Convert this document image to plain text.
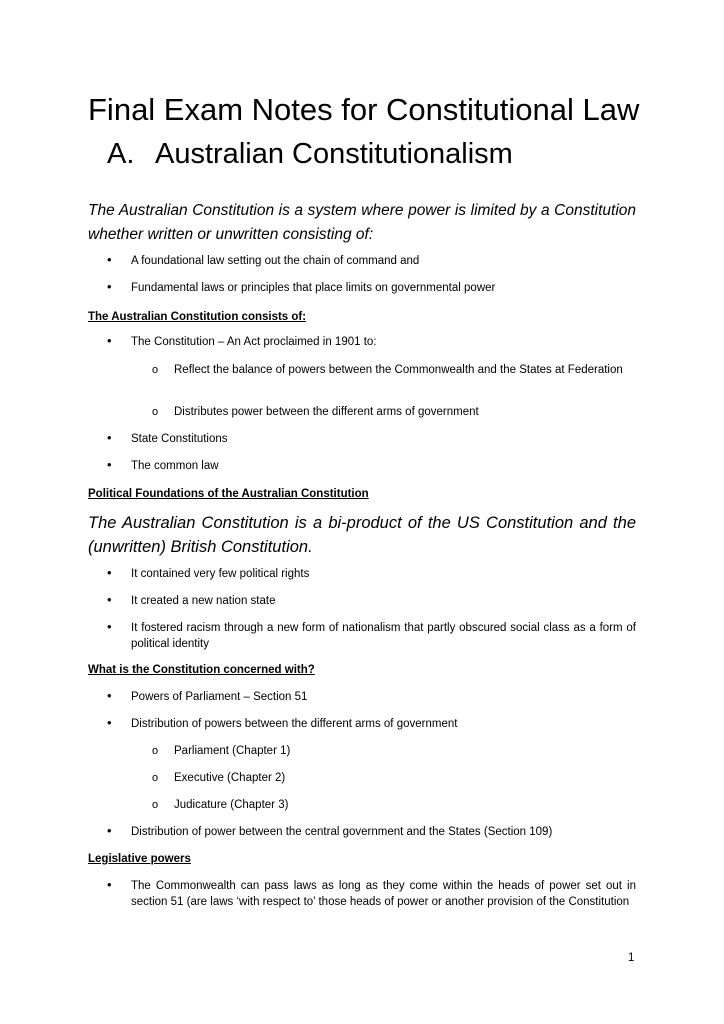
Final Exam Notes for Constitutional Law
A. Australian Constitutionalism
The Australian Constitution is a system where power is limited by a Constitution whether written or unwritten consisting of:
• A foundational law setting out the chain of command and
• Fundamental laws or principles that place limits on governmental power
The Australian Constitution consists of:
• The Constitution – An Act proclaimed in 1901 to:
o Reflect the balance of powers between the Commonwealth and the States at Federation
o Distributes power between the different arms of government
• State Constitutions
• The common law
Political Foundations of the Australian Constitution
The Australian Constitution is a bi-product of the US Constitution and the (unwritten) British Constitution.
• It contained very few political rights
• It created a new nation state
• It fostered racism through a new form of nationalism that partly obscured social class as a form of political identity
What is the Constitution concerned with?
• Powers of Parliament – Section 51
• Distribution of powers between the different arms of government
o Parliament (Chapter 1)
o Executive (Chapter 2)
o Judicature (Chapter 3)
• Distribution of power between the central government and the States (Section 109)
Legislative powers
• The Commonwealth can pass laws as long as they come within the heads of power set out in section 51 (are laws ‘with respect to’ those heads of power or another provision of the Constitution
1
